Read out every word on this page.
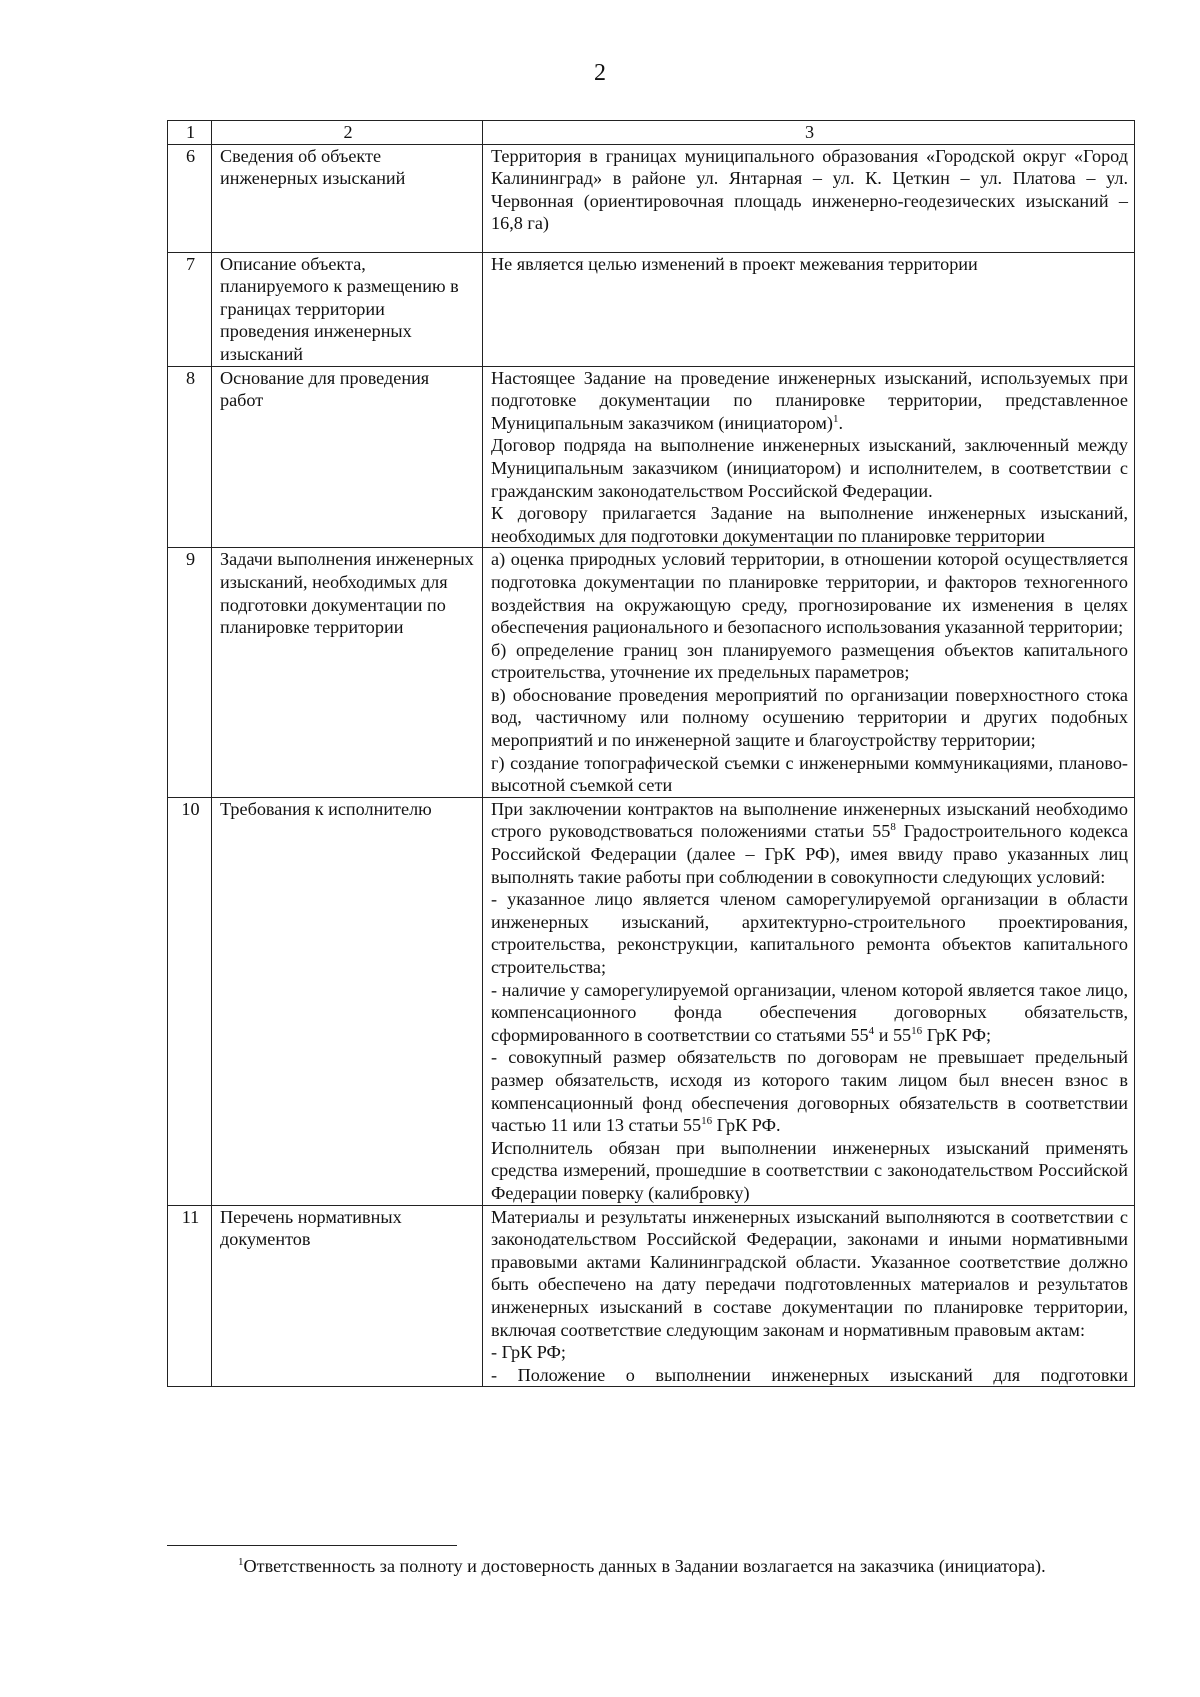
2
1	2	3
6	Сведения об объекте инженерных изысканий	Территория в границах муниципального образования «Городской округ «Город Калининград» в районе ул. Янтарная – ул. К. Цеткин – ул. Платова – ул. Червонная (ориентировочная площадь инженерно-геодезических изысканий – 16,8 га)

7	Описание объекта, планируемого к размещению в границах территории проведения инженерных изысканий	Не является целью изменений в проект межевания территории

8	Основание для проведения работ	Настоящее Задание на проведение инженерных изысканий, используемых при подготовке документации по планировке территории, представленное Муниципальным заказчиком (инициатором)$^1$.
Договор подряда на выполнение инженерных изысканий, заключенный между Муниципальным заказчиком (инициатором) и исполнителем, в соответствии с гражданским законодательством Российской Федерации.
К договору прилагается Задание на выполнение инженерных изысканий, необходимых для подготовки документации по планировке территории

9	Задачи выполнения инженерных изысканий, необходимых для подготовки документации по планировке территории	а) оценка природных условий территории, в отношении которой осуществляется подготовка документации по планировке территории, и факторов техногенного воздействия на окружающую среду, прогнозирование их изменения в целях обеспечения рационального и безопасного использования указанной территории;
б) определение границ зон планируемого размещения объектов капитального строительства, уточнение их предельных параметров;
в) обоснование проведения мероприятий по организации поверхностного стока вод, частичному или полному осушению территории и других подобных мероприятий и по инженерной защите и благоустройству территории;
г) создание топографической съемки с инженерными коммуникациями, планово-высотной съемкой сети

10	Требования к исполнителю	При заключении контрактов на выполнение инженерных изысканий необходимо строго руководствоваться положениями статьи $55^8$ Градостроительного кодекса Российской Федерации (далее – ГрК РФ), имея ввиду право указанных лиц выполнять такие работы при соблюдении в совокупности следующих условий:
- указанное лицо является членом саморегулируемой организации в области инженерных изысканий, архитектурно-строительного проектирования, строительства, реконструкции, капитального ремонта объектов капитального строительства;
- наличие у саморегулируемой организации, членом которой является такое лицо, компенсационного фонда обеспечения договорных обязательств, сформированного в соответствии со статьями $55^4$ и $55^{16}$ ГрК РФ;
- совокупный размер обязательств по договорам не превышает предельный размер обязательств, исходя из которого таким лицом был внесен взнос в компенсационный фонд обеспечения договорных обязательств в соответствии частью 11 или 13 статьи $55^{16}$ ГрК РФ.
Исполнитель обязан при выполнении инженерных изысканий применять средства измерений, прошедшие в соответствии с законодательством Российской Федерации поверку (калибровку)

11	Перечень нормативных документов	Материалы и результаты инженерных изысканий выполняются в соответствии с законодательством Российской Федерации, законами и иными нормативными правовыми актами Калининградской области. Указанное соответствие должно быть обеспечено на дату передачи подготовленных материалов и результатов инженерных изысканий в составе документации по планировке территории, включая соответствие следующим законам и нормативным правовым актам:
- ГрК РФ;
- Положение о выполнении инженерных изысканий для подготовки
$^1$Ответственность за полноту и достоверность данных в Задании возлагается на заказчика (инициатора).
